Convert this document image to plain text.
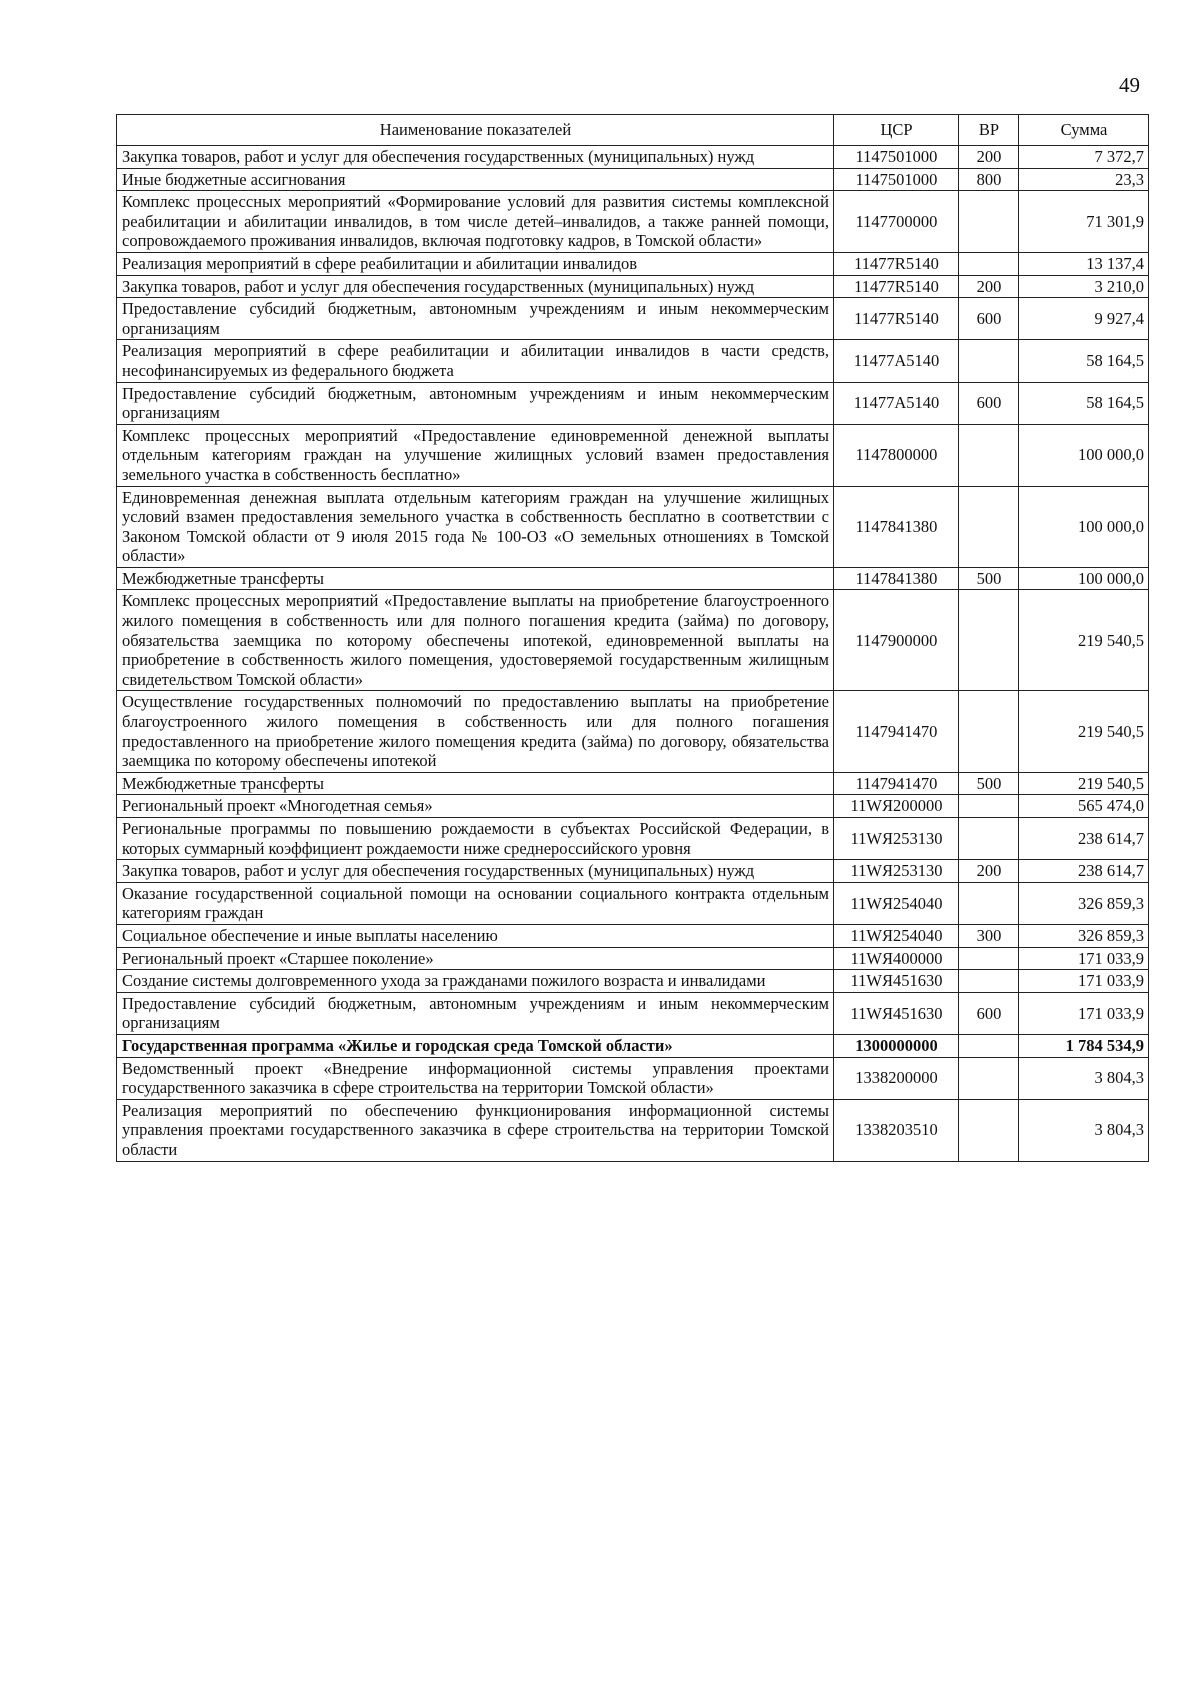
49
Наименование показателей	ЦСР	ВР	Сумма
Закупка товаров, работ и услуг для обеспечения государственных (муниципальных) нужд	1147501000	200	7 372,7
Иные бюджетные ассигнования	1147501000	800	23,3
Комплекс процессных мероприятий «Формирование условий для развития системы комплексной реабилитации и абилитации инвалидов, в том числе детей–инвалидов, а также ранней помощи, сопровождаемого проживания инвалидов, включая подготовку кадров, в Томской области»	1147700000		71 301,9
Реализация мероприятий в сфере реабилитации и абилитации инвалидов	11477R5140		13 137,4
Закупка товаров, работ и услуг для обеспечения государственных (муниципальных) нужд	11477R5140	200	3 210,0
Предоставление субсидий бюджетным, автономным учреждениям и иным некоммерческим организациям	11477R5140	600	9 927,4
Реализация мероприятий в сфере реабилитации и абилитации инвалидов в части средств, несофинансируемых из федерального бюджета	11477А5140		58 164,5
Предоставление субсидий бюджетным, автономным учреждениям и иным некоммерческим организациям	11477А5140	600	58 164,5
Комплекс процессных мероприятий «Предоставление единовременной денежной выплаты отдельным категориям граждан на улучшение жилищных условий взамен предоставления земельного участка в собственность бесплатно»	1147800000		100 000,0
Единовременная денежная выплата отдельным категориям граждан на улучшение жилищных условий взамен предоставления земельного участка в собственность бесплатно в соответствии с Законом Томской области от 9 июля 2015 года № 100-ОЗ «О земельных отношениях в Томской области»	1147841380		100 000,0
Межбюджетные трансферты	1147841380	500	100 000,0
Комплекс процессных мероприятий «Предоставление выплаты на приобретение благоустроенного жилого помещения в собственность или для полного погашения кредита (займа) по договору, обязательства заемщика по которому обеспечены ипотекой, единовременной выплаты на приобретение в собственность жилого помещения, удостоверяемой государственным жилищным свидетельством Томской области»	1147900000		219 540,5
Осуществление государственных полномочий по предоставлению выплаты на приобретение благоустроенного жилого помещения в собственность или для полного погашения предоставленного на приобретение жилого помещения кредита (займа) по договору, обязательства заемщика по которому обеспечены ипотекой	1147941470		219 540,5
Межбюджетные трансферты	1147941470	500	219 540,5
Региональный проект «Многодетная семья»	11WЯ200000		565 474,0
Региональные программы по повышению рождаемости в субъектах Российской Федерации, в которых суммарный коэффициент рождаемости ниже среднероссийского уровня	11WЯ253130		238 614,7
Закупка товаров, работ и услуг для обеспечения государственных (муниципальных) нужд	11WЯ253130	200	238 614,7
Оказание государственной социальной помощи на основании социального контракта отдельным категориям граждан	11WЯ254040		326 859,3
Социальное обеспечение и иные выплаты населению	11WЯ254040	300	326 859,3
Региональный проект «Старшее поколение»	11WЯ400000		171 033,9
Создание системы долговременного ухода за гражданами пожилого возраста и инвалидами	11WЯ451630		171 033,9
Предоставление субсидий бюджетным, автономным учреждениям и иным некоммерческим организациям	11WЯ451630	600	171 033,9
Государственная программа «Жилье и городская среда Томской области»	1300000000		1 784 534,9
Ведомственный проект «Внедрение информационной системы управления проектами государственного заказчика в сфере строительства на территории Томской области»	1338200000		3 804,3
Реализация мероприятий по обеспечению функционирования информационной системы управления проектами государственного заказчика в сфере строительства на территории Томской области	1338203510		3 804,3
